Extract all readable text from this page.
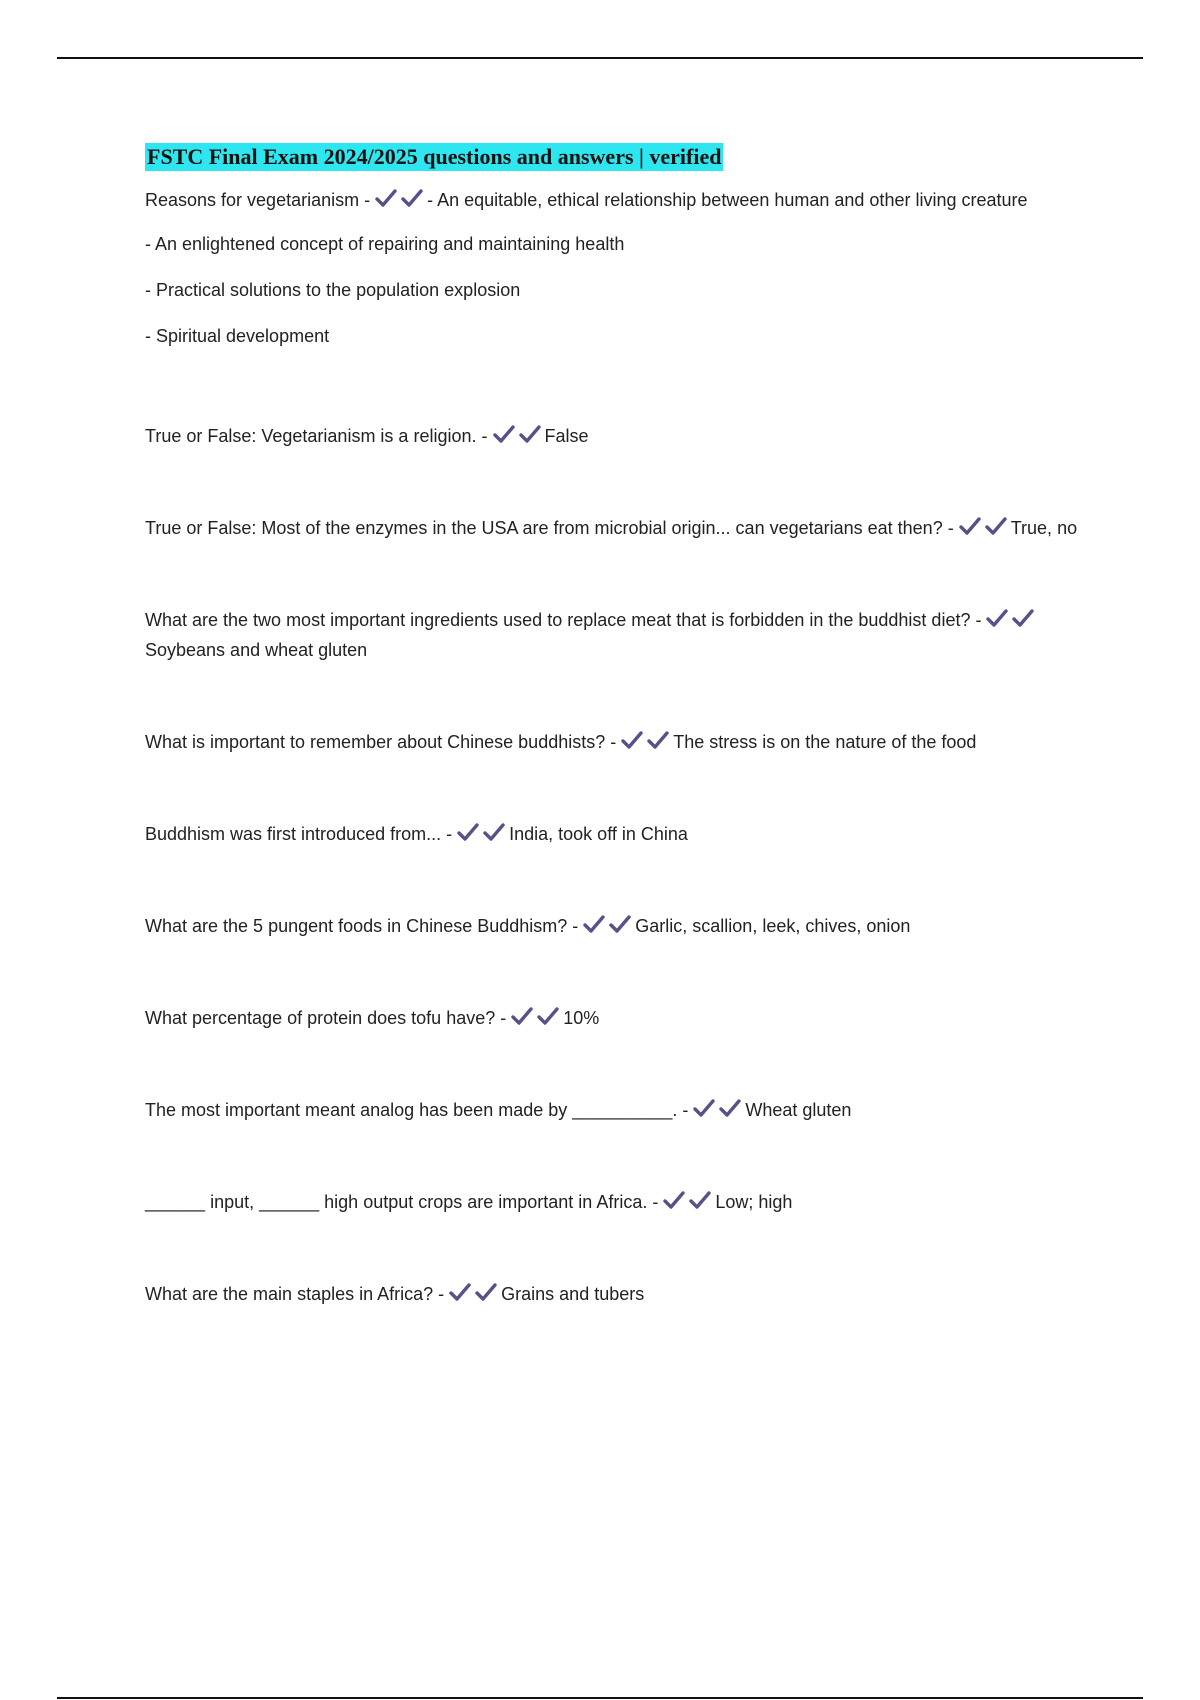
FSTC Final Exam 2024/2025 questions and answers | verified

Reasons for vegetarianism -	- An equitable, ethical relationship between human and other living creature

- An enlightened concept of repairing and maintaining health

- Practical solutions to the population explosion

- Spiritual development

True or False: Vegetarianism is a religion. -	False

True or False: Most of the enzymes in the USA are from microbial origin... can vegetarians eat then? -	True, no

What are the two most important ingredients used to replace meat that is forbidden in the buddhist diet? -
Soybeans and wheat gluten

What is important to remember about Chinese buddhists? -	The stress is on the nature of the food

Buddhism was first introduced from... -	India, took off in China

What are the 5 pungent foods in Chinese Buddhism? -	Garlic, scallion, leek, chives, onion

What percentage of protein does tofu have? -	10%

The most important meant analog has been made by __________. -	Wheat gluten

______ input, ______ high output crops are important in Africa. -	Low; high

What are the main staples in Africa? -	Grains and tubers
